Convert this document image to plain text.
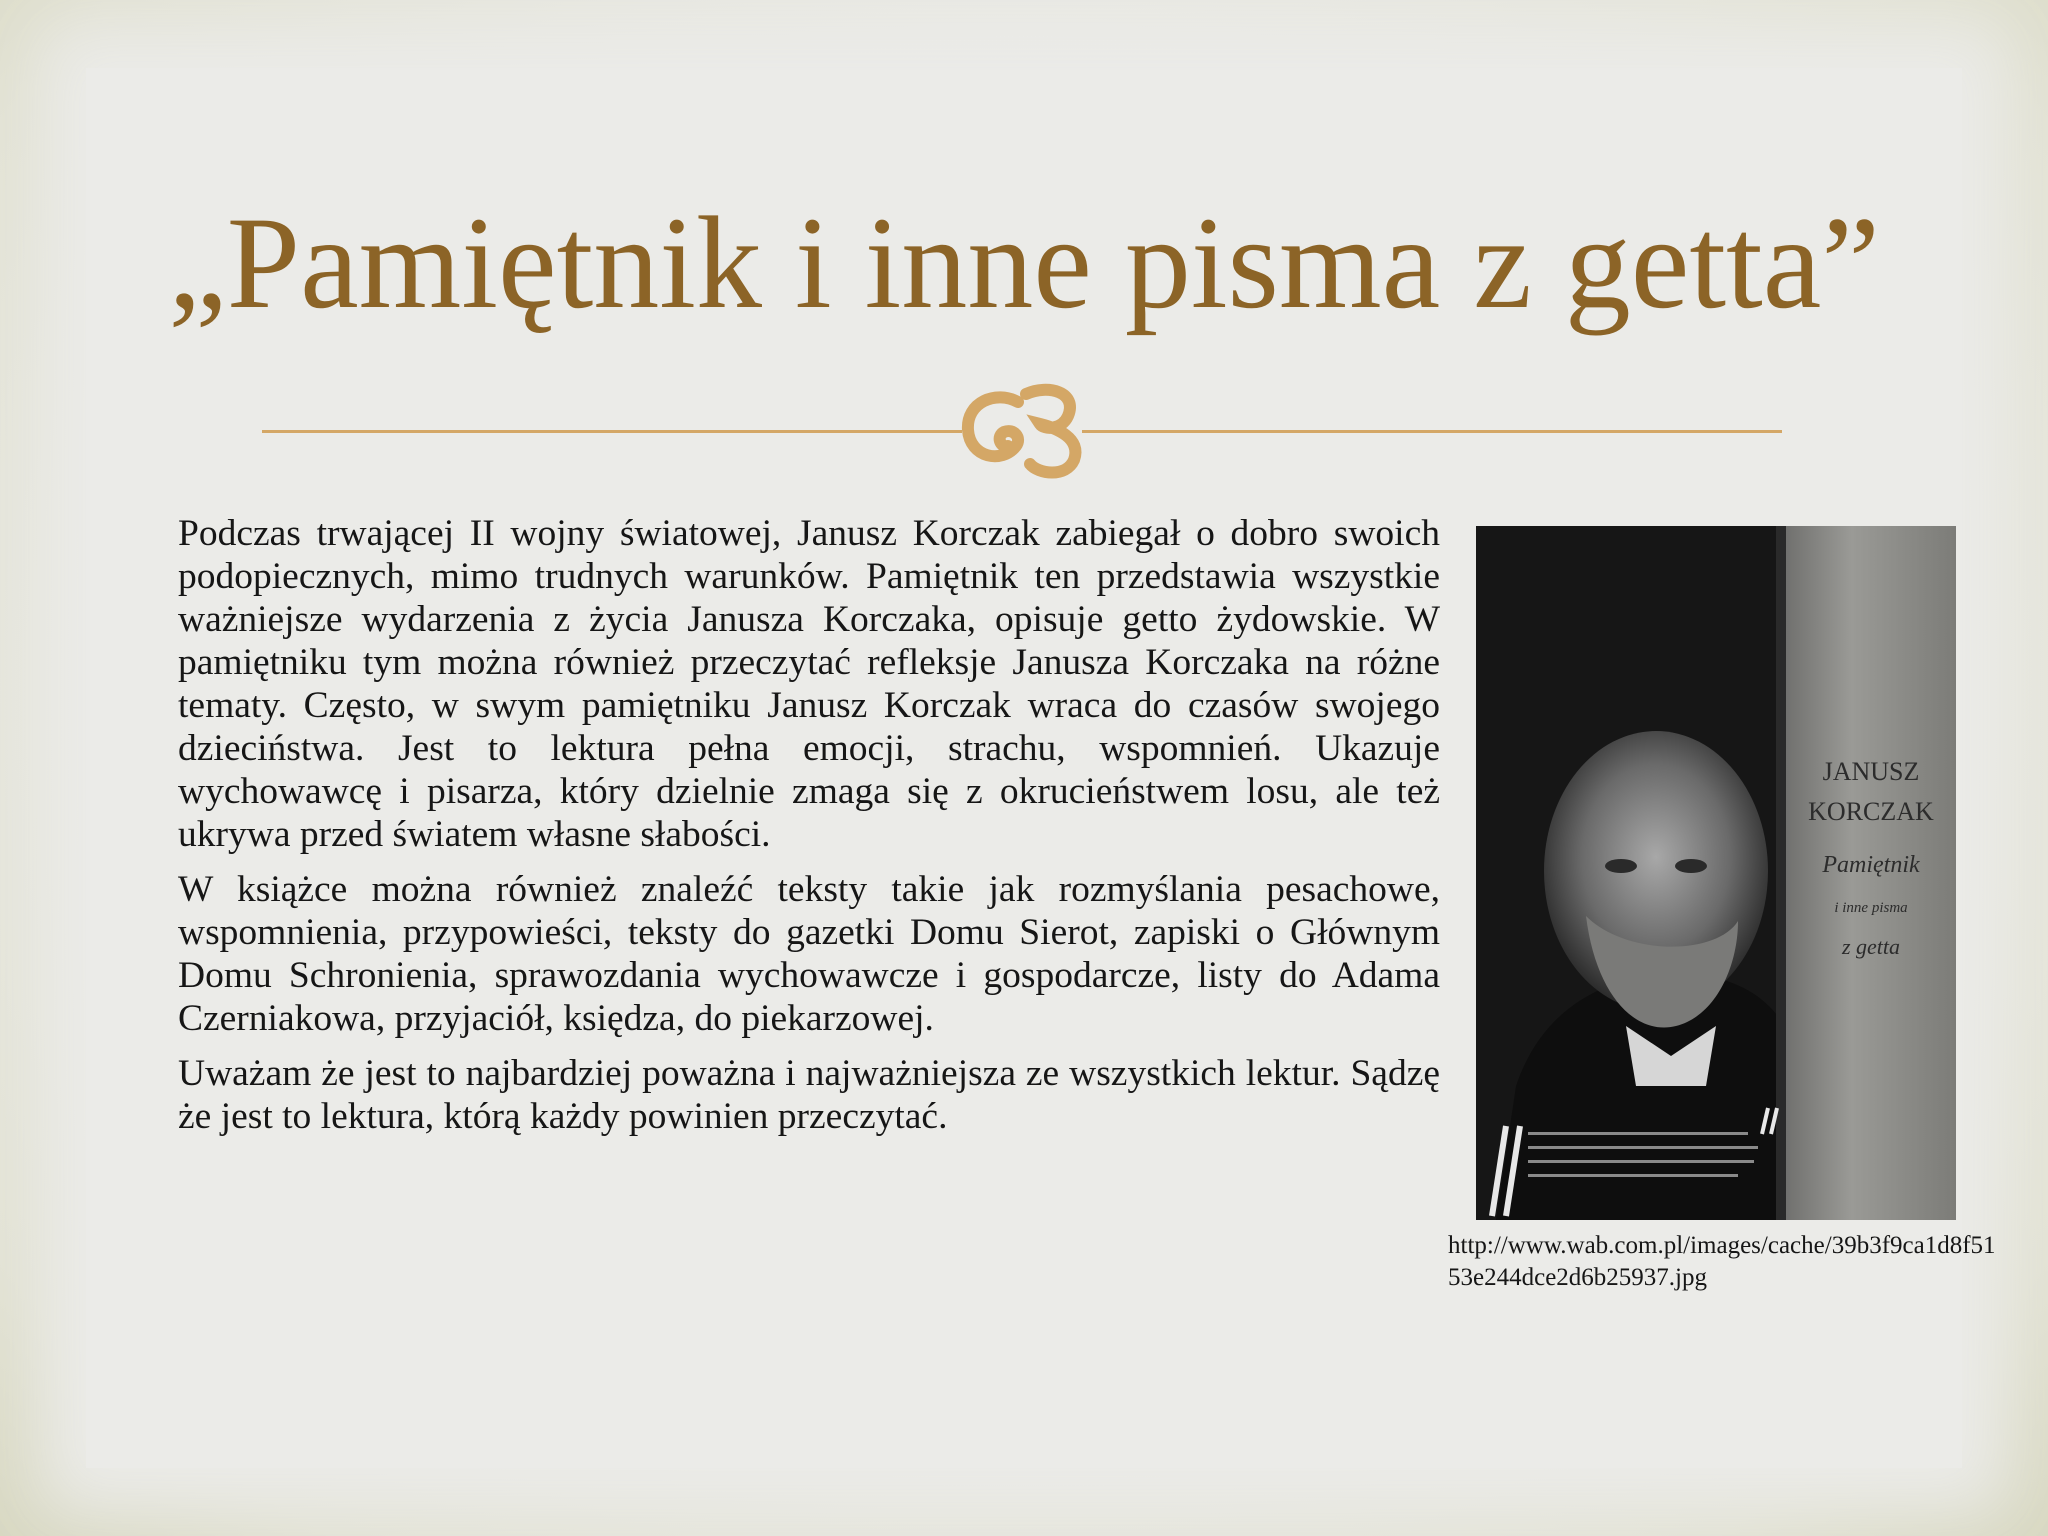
„Pamiętnik i inne pisma z getta”

Podczas trwającej II wojny światowej, Janusz Korczak zabiegał o dobro swoich podopiecznych, mimo trudnych warunków. Pamiętnik ten przedstawia wszystkie ważniejsze wydarzenia z życia Janusza Korczaka, opisuje getto żydowskie. W pamiętniku tym można również przeczytać refleksje Janusza Korczaka na różne tematy. Często, w swym pamiętniku Janusz Korczak wraca do czasów swojego dzieciństwa. Jest to lektura pełna emocji, strachu, wspomnień. Ukazuje wychowawcę i pisarza, który dzielnie zmaga się z okrucieństwem losu, ale też ukrywa przed światem własne słabości.

W książce można również znaleźć teksty takie jak rozmyślania pesachowe, wspomnienia, przypowieści, teksty do gazetki Domu Sierot, zapiski o Głównym Domu Schronienia, sprawozdania wychowawcze i gospodarcze, listy do Adama Czerniakowa, przyjaciół, księdza, do piekarzowej.

Uważam że jest to najbardziej poważna i najważniejsza ze wszystkich lektur. Sądzę że jest to lektura, którą każdy powinien przeczytać.

JANUSZ
KORCZAK
Pamiętnik
i inne pisma
z getta
http://www.wab.com.pl/images/cache/39b3f9ca1d8f5153e244dce2d6b25937.jpg
